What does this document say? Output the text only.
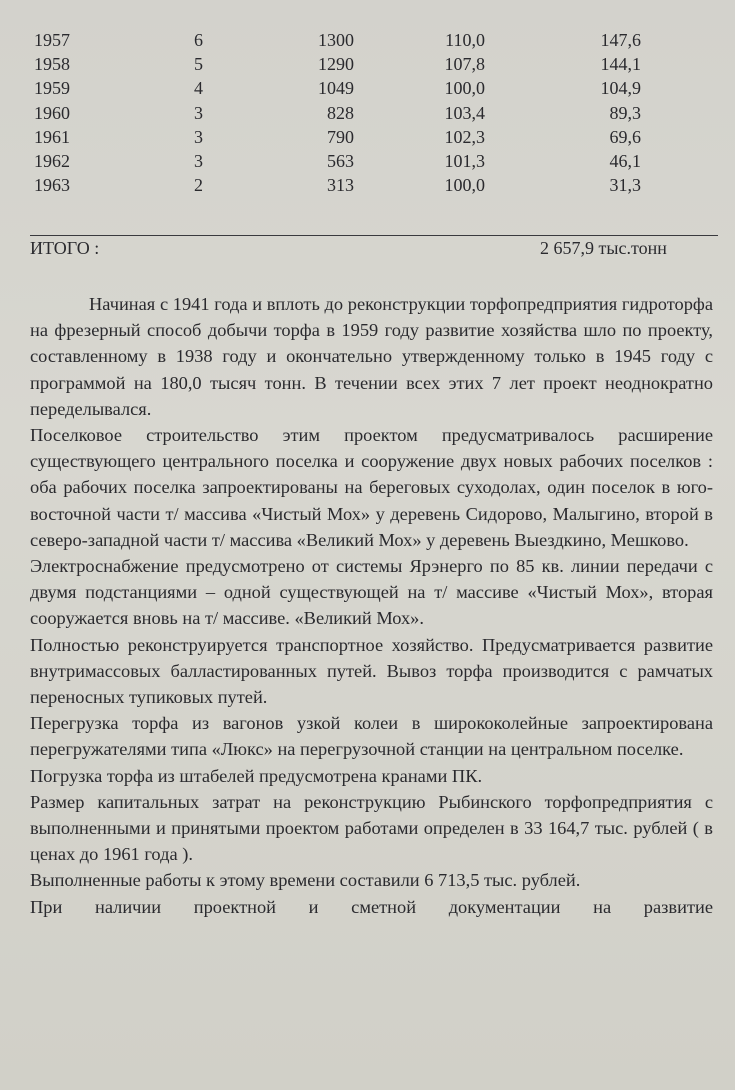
1957	6	1300	110,0	147,6
1958	5	1290	107,8	144,1
1959	4	1049	100,0	104,9
1960	3	828	103,4	89,3
1961	3	790	102,3	69,6
1962	3	563	101,3	46,1
1963	2	313	100,0	31,3
ИТОГО :	2 657,9 тыс.тонн

Начиная с 1941 года и вплоть до реконструкции торфопредприятия гидроторфа на фрезерный способ добычи торфа в 1959 году развитие хозяйства шло по проекту, составленному в 1938 году и окончательно утвержденному только в 1945 году с программой на 180,0 тысяч тонн. В течении всех этих 7 лет проект неоднократно переделывался.

Поселковое строительство этим проектом предусматривалось расширение существующего центрального поселка и сооружение двух новых рабочих поселков : оба рабочих поселка запроектированы на береговых суходолах, один поселок в юго-восточной части т/ массива «Чистый Мох» у деревень Сидорово, Малыгино, второй в северо-западной части т/ массива «Великий Мох» у деревень Выездкино, Мешково.

Электроснабжение предусмотрено от системы Ярэнерго по 85 кв. линии передачи с двумя подстанциями – одной существующей на т/ массиве «Чистый Мох», вторая сооружается вновь на т/ массиве. «Великий Мох».

Полностью реконструируется транспортное хозяйство. Предусматривается развитие внутримассовых балластированных путей. Вывоз торфа производится с рамчатых переносных тупиковых путей.

Перегрузка торфа из вагонов узкой колеи в ширококолейные запроектирована перегружателями типа «Люкс» на перегрузочной станции на центральном поселке.

Погрузка торфа из штабелей предусмотрена кранами ПК.

Размер капитальных затрат на реконструкцию Рыбинского торфопредприятия с выполненными и принятыми проектом работами определен в 33 164,7 тыс. рублей ( в ценах до 1961 года ).

Выполненные работы к этому времени составили 6 713,5 тыс. рублей.

При наличии проектной и сметной документации на развитие
